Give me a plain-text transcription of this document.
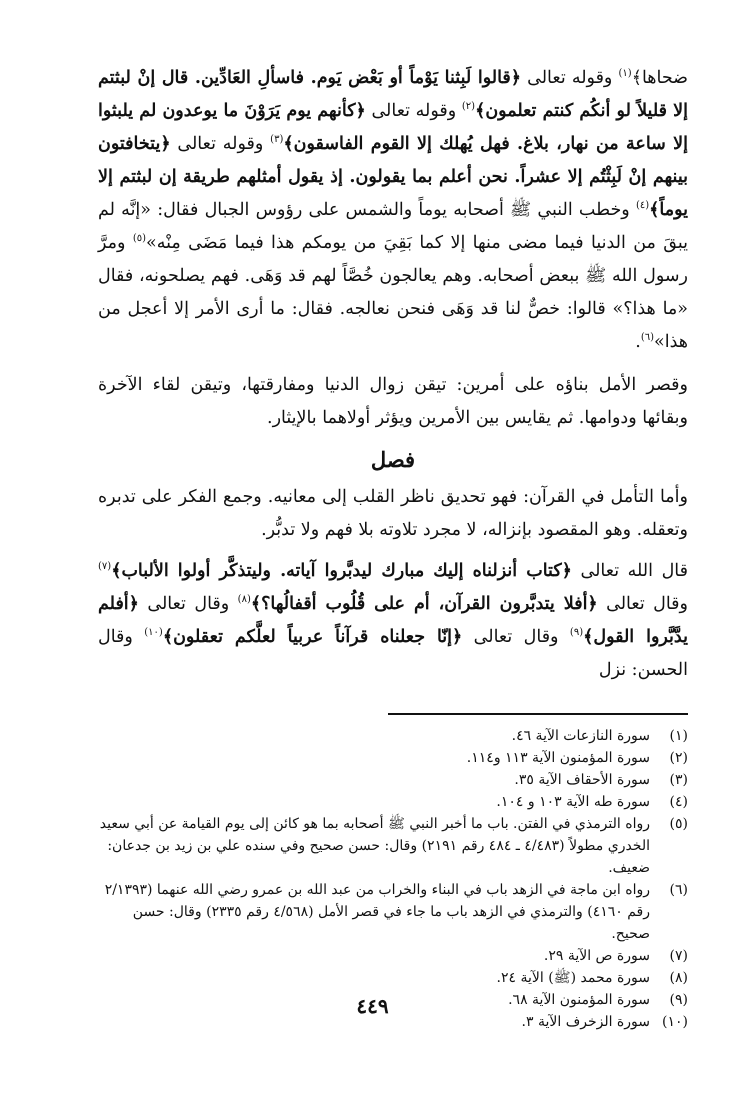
ضحاها﴾$^{(١)}$ وقوله تعالى ﴿قالوا لَبِثنا يَوْماً أو بَعْض يَوم. فاسألِ العَادِّين. قال إنْ لبثتم إلا قليلاً لو أنكُم كنتم تعلمون﴾$^{(٢)}$ وقوله تعالى ﴿كأنهم يوم يَرَوْنَ ما يوعدون لم يلبثوا إلا ساعة من نهار، بلاغ. فهل يُهلك إلا القوم الفاسقون﴾$^{(٣)}$ وقوله تعالى ﴿يتخافتون بينهم إنْ لَبِثْتُم إلا عشراً. نحن أعلم بما يقولون. إذ يقول أمثلهم طريقة إن لبثتم إلا يوماً﴾$^{(٤)}$ وخطب النبي ﷺ أصحابه يوماً والشمس على رؤوس الجبال فقال: «إنَّه لم يبقَ من الدنيا فيما مضى منها إلا كما بَقِيَ من يومكم هذا فيما مَضَى مِنْه»$^{(٥)}$ ومرَّ رسول الله ﷺ ببعض أصحابه. وهم يعالجون خُصَّاً لهم قد وَهَى. فهم يصلحونه، فقال «ما هذا؟» قالوا: خصٌّ لنا قد وَهَى فنحن نعالجه. فقال: ما أرى الأمر إلا أعجل من هذا»$^{(٦)}$.

وقصر الأمل بناؤه على أمرين: تيقن زوال الدنيا ومفارقتها، وتيقن لقاء الآخرة وبقائها ودوامها. ثم يقايس بين الأمرين ويؤثر أولاهما بالإيثار.

فصل

وأما التأمل في القرآن: فهو تحديق ناظر القلب إلى معانيه. وجمع الفكر على تدبره وتعقله. وهو المقصود بإنزاله، لا مجرد تلاوته بلا فهم ولا تدبُّر.

قال الله تعالى ﴿كتاب أنزلناه إليك مبارك ليدبَّروا آياته. وليتذكَّر أولوا الألباب﴾$^{(٧)}$ وقال تعالى ﴿أفلا يتدبَّرون القرآن، أم على قُلُوب أقفالُها؟﴾$^{(٨)}$ وقال تعالى ﴿أفلم يدَّبَّروا القول﴾$^{(٩)}$ وقال تعالى ﴿إنّا جعلناه قرآناً عربياً لعلَّكم تعقلون﴾$^{(١٠)}$ وقال الحسن: نزل

(١)
سورة النازعات الآية ٤٦.
(٢)
سورة المؤمنون الآية ١١٣ و١١٤.
(٣)
سورة الأحقاف الآية ٣٥.
(٤)
سورة طه الآية ١٠٣ و ١٠٤.
(٥)
رواه الترمذي في الفتن. باب ما أخبر النبي ﷺ أصحابه بما هو كائن إلى يوم القيامة عن أبي سعيد الخدري مطولاً (٤/٤٨٣ ـ ٤٨٤ رقم ٢١٩١) وقال: حسن صحيح وفي سنده علي بن زيد بن جدعان: ضعيف.
(٦)
رواه ابن ماجة في الزهد باب في البناء والخراب من عبد الله بن عمرو رضي الله عنهما (٢/١٣٩٣ رقم ٤١٦٠) والترمذي في الزهد باب ما جاء في قصر الأمل (٤/٥٦٨ رقم ٢٣٣٥) وقال: حسن صحيح.
(٧)
سورة ص الآية ٢٩.
(٨)
سورة محمد (ﷺ) الآية ٢٤.
(٩)
سورة المؤمنون الآية ٦٨.
(١٠)
سورة الزخرف الآية ٣.
٤٤٩
